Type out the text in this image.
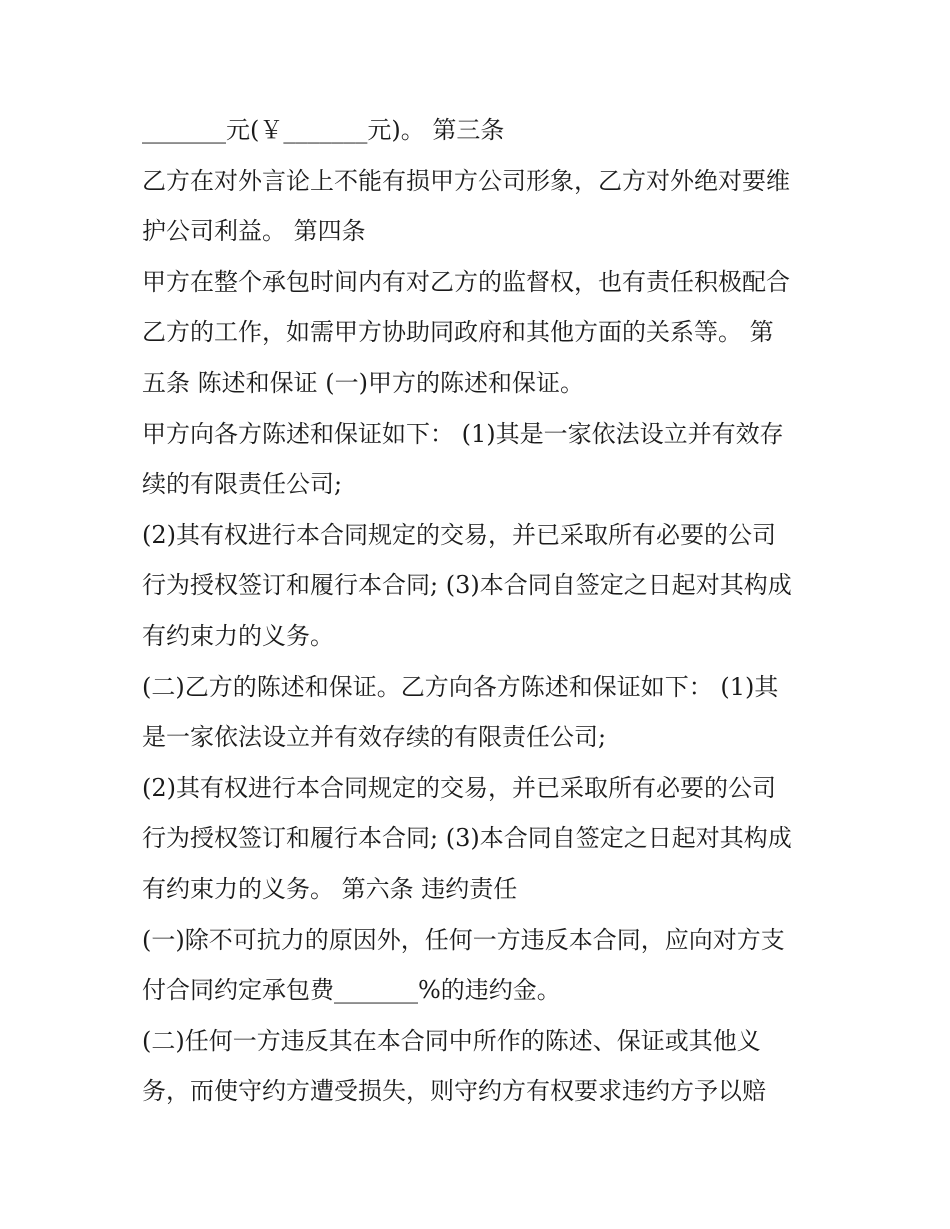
_______元(￥_______元)。 第三条
乙方在对外言论上不能有损甲方公司形象，乙方对外绝对要维
护公司利益。 第四条
甲方在整个承包时间内有对乙方的监督权，也有责任积极配合
乙方的工作，如需甲方协助同政府和其他方面的关系等。 第
五条 陈述和保证 (一)甲方的陈述和保证。
甲方向各方陈述和保证如下： (1)其是一家依法设立并有效存
续的有限责任公司;
(2)其有权进行本合同规定的交易，并已采取所有必要的公司
行为授权签订和履行本合同; (3)本合同自签定之日起对其构成
有约束力的义务。
(二)乙方的陈述和保证。乙方向各方陈述和保证如下： (1)其
是一家依法设立并有效存续的有限责任公司;
(2)其有权进行本合同规定的交易，并已采取所有必要的公司
行为授权签订和履行本合同; (3)本合同自签定之日起对其构成
有约束力的义务。 第六条 违约责任
(一)除不可抗力的原因外，任何一方违反本合同，应向对方支
付合同约定承包费_______%的违约金。
(二)任何一方违反其在本合同中所作的陈述、保证或其他义
务，而使守约方遭受损失，则守约方有权要求违约方予以赔
